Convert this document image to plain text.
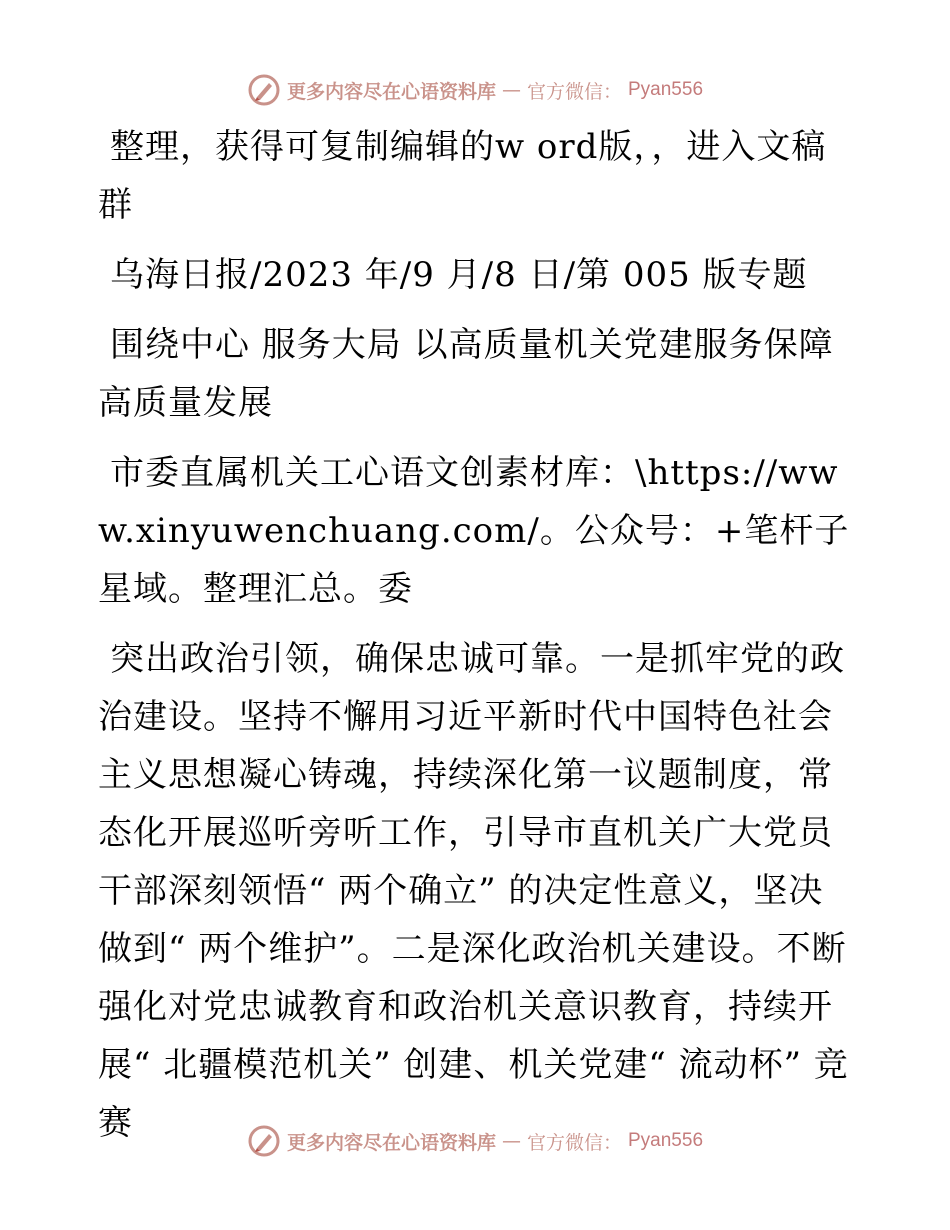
更多内容尽在心语资料库 — 官方微信： Pyan556

整理，获得可复制编辑的w ord版，，进入文稿群

乌海日报/2023 年/9 月/8 日/第 005 版专题

围绕中心 服务大局 以高质量机关党建服务保障高质量发展

市委直属机关工心语文创素材库：\https://www.xinyuwenchuang.com/。公众号：+笔杆子星域。整理汇总。委

突出政治引领，确保忠诚可靠。一是抓牢党的政治建设。坚持不懈用习近平新时代中国特色社会主义思想凝心铸魂，持续深化第一议题制度，常态化开展巡听旁听工作，引导市直机关广大党员干部深刻领悟“ 两个确立” 的决定性意义，坚决做到“ 两个维护”。二是深化政治机关建设。不断强化对党忠诚教育和政治机关意识教育，持续开展“ 北疆模范机关” 创建、机关党建“ 流动杯” 竞赛	更多内容尽在心语资料库 — 官方微信： Pyan556
